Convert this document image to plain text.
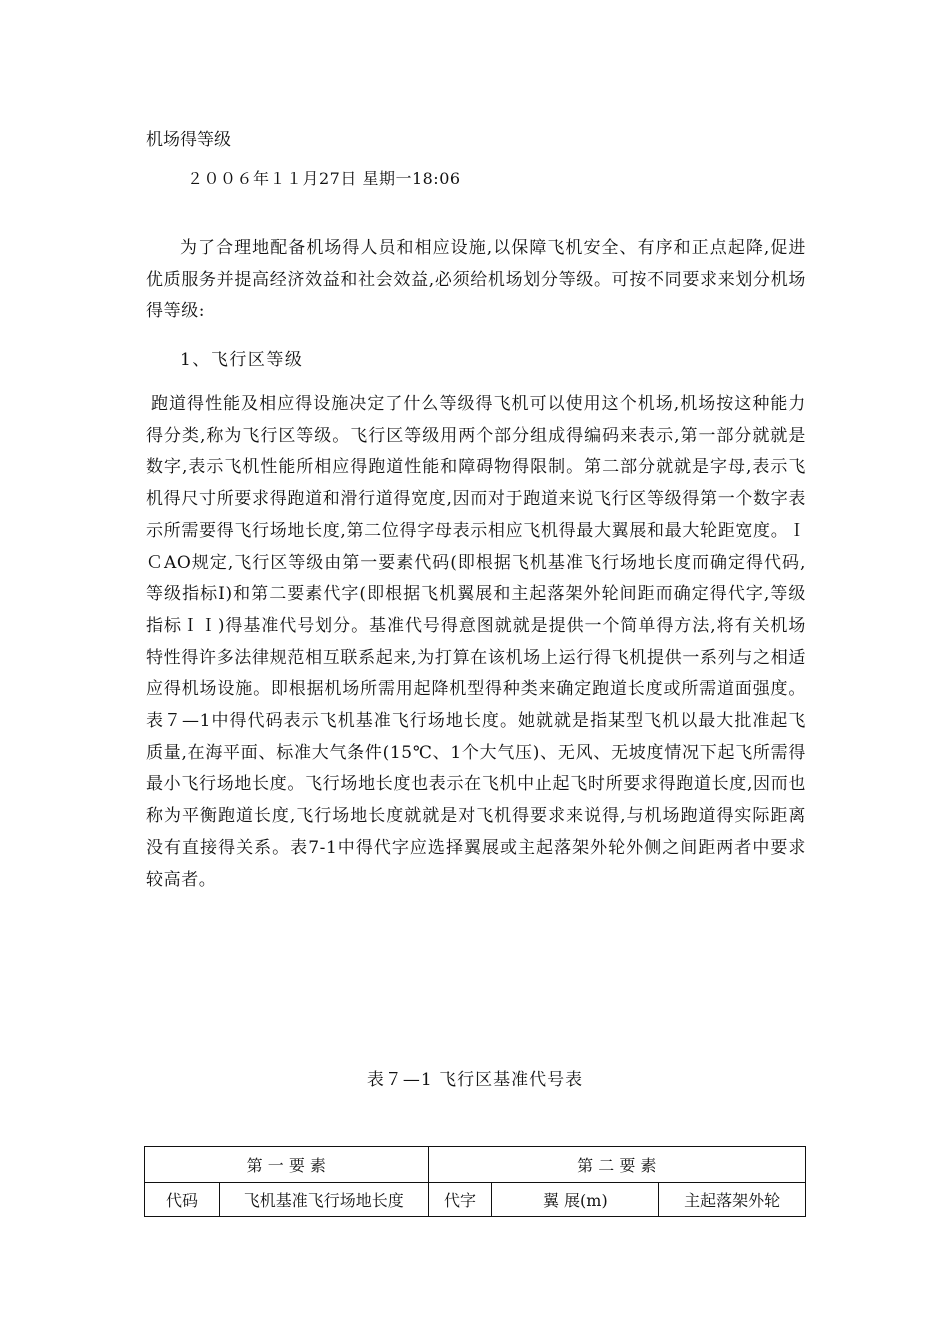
机场得等级
２００６年１１月27日 星期一18:06

为了合理地配备机场得人员和相应设施,以保障飞机安全、有序和正点起降,促进优质服务并提高经济效益和社会效益,必须给机场划分等级。可按不同要求来划分机场得等级:

1、飞行区等级

跑道得性能及相应得设施决定了什么等级得飞机可以使用这个机场,机场按这种能力得分类,称为飞行区等级。飞行区等级用两个部分组成得编码来表示,第一部分就就是数字,表示飞机性能所相应得跑道性能和障碍物得限制。第二部分就就是字母,表示飞机得尺寸所要求得跑道和滑行道得宽度,因而对于跑道来说飞行区等级得第一个数字表示所需要得飞行场地长度,第二位得字母表示相应飞机得最大翼展和最大轮距宽度。ＩＣAO规定,飞行区等级由第一要素代码(即根据飞机基准飞行场地长度而确定得代码,等级指标I)和第二要素代字(即根据飞机翼展和主起落架外轮间距而确定得代字,等级指标ＩＩ)得基准代号划分。基准代号得意图就就是提供一个简单得方法,将有关机场特性得许多法律规范相互联系起来,为打算在该机场上运行得飞机提供一系列与之相适应得机场设施。即根据机场所需用起降机型得种类来确定跑道长度或所需道面强度。表７—1中得代码表示飞机基准飞行场地长度。她就就是指某型飞机以最大批准起飞质量,在海平面、标准大气条件(15℃、1个大气压)、无风、无坡度情况下起飞所需得最小飞行场地长度。飞行场地长度也表示在飞机中止起飞时所要求得跑道长度,因而也称为平衡跑道长度,飞行场地长度就就是对飞机得要求来说得,与机场跑道得实际距离没有直接得关系。表7-1中得代字应选择翼展或主起落架外轮外侧之间距两者中要求较高者。

表７—1 飞行区基准代号表
第 一 要 素		第 二 要 素		
代码	飞机基准飞行场地长度	代字	翼 展(m)	主起落架外轮
